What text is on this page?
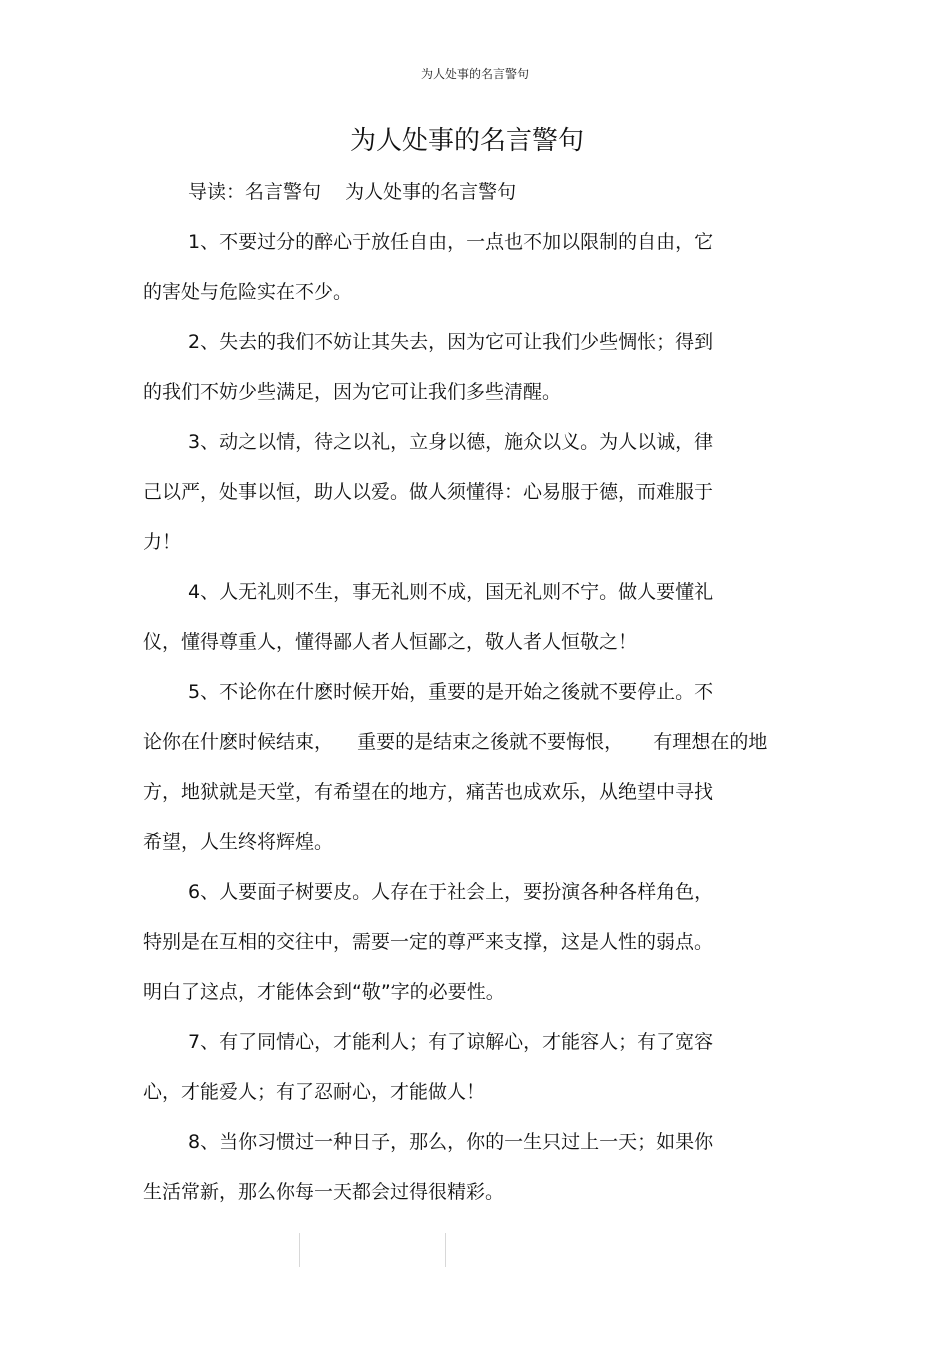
为人处事的名言警句
为人处事的名言警句
导读：名言警句    为人处事的名言警句
1、不要过分的醉心于放任自由，一点也不加以限制的自由，它
的害处与危险实在不少。
2、失去的我们不妨让其失去，因为它可让我们少些惆怅；得到
的我们不妨少些满足，因为它可让我们多些清醒。
3、动之以情，待之以礼，立身以德，施众以义。为人以诚，律
己以严，处事以恒，助人以爱。做人须懂得：心易服于德，而难服于
力！
4、人无礼则不生，事无礼则不成，国无礼则不宁。做人要懂礼
仪，懂得尊重人，懂得鄙人者人恒鄙之，敬人者人恒敬之！
5、不论你在什麽时候开始，重要的是开始之後就不要停止。不
论你在什麽时候结束，    重要的是结束之後就不要悔恨，     有理想在的地
方，地狱就是天堂，有希望在的地方，痛苦也成欢乐，从绝望中寻找
希望，人生终将辉煌。
6、人要面子树要皮。人存在于社会上，要扮演各种各样角色，
特别是在互相的交往中，需要一定的尊严来支撑，这是人性的弱点。
明白了这点，才能体会到“敬”字的必要性。
7、有了同情心，才能利人；有了谅解心，才能容人；有了宽容
心，才能爱人；有了忍耐心，才能做人！
8、当你习惯过一种日子，那么，你的一生只过上一天；如果你
生活常新，那么你每一天都会过得很精彩。
